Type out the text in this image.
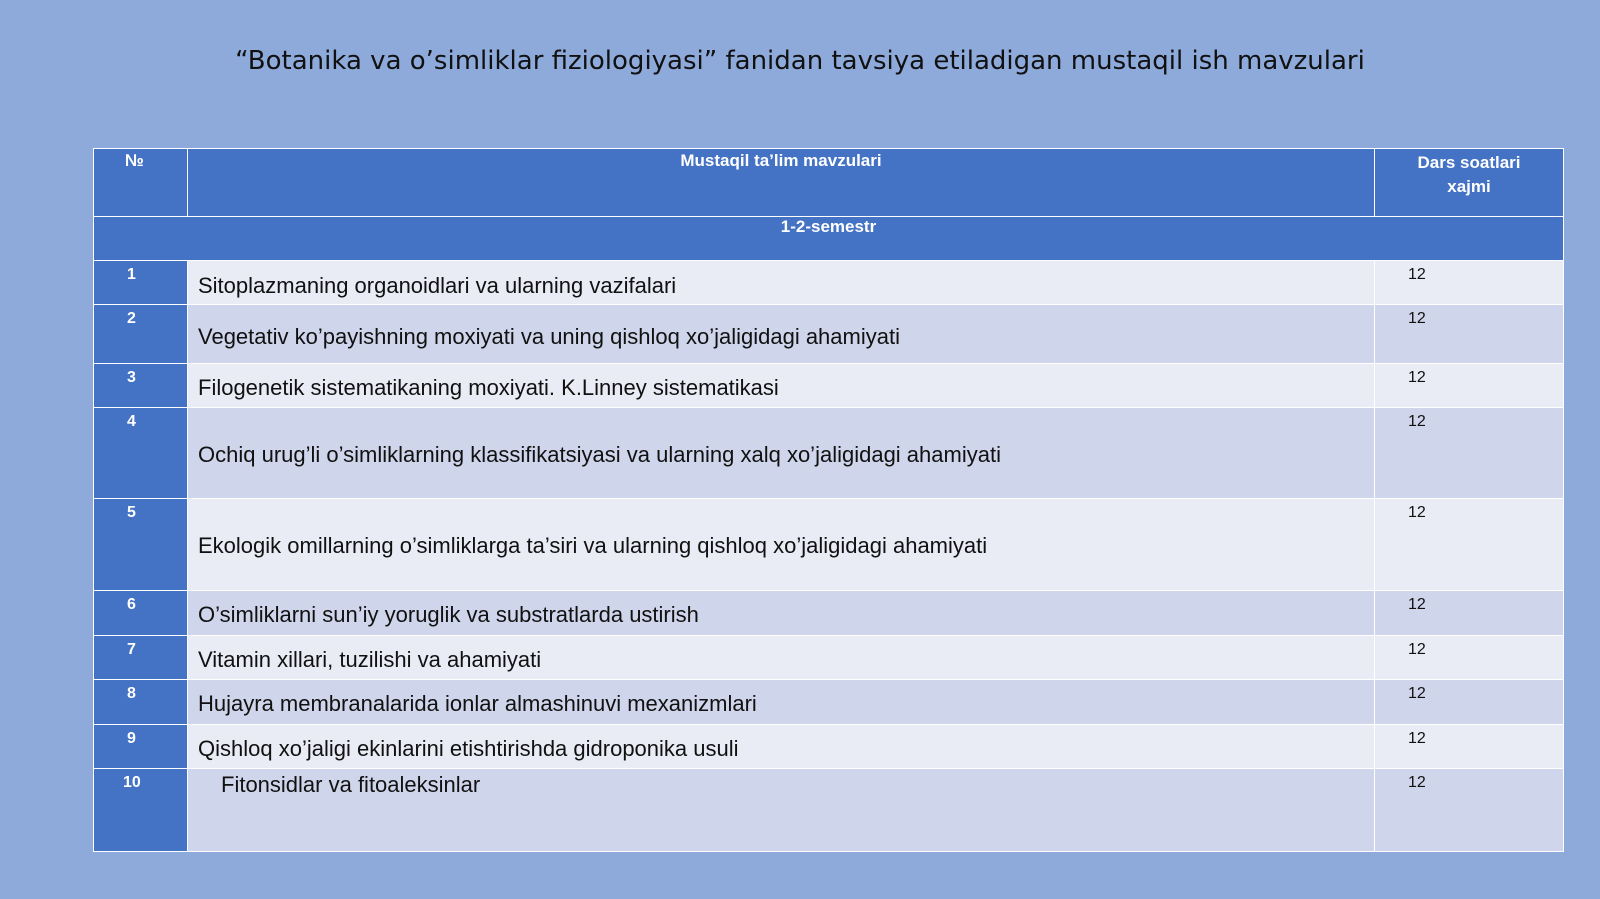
“Botanika va o’simliklar fiziologiyasi” fanidan tavsiya etiladigan mustaqil ish mavzulari
№	Mustaqil ta’lim mavzulari	Dars soatlari
xajmi

1-2-semestr		
1	Sitoplazmaning organoidlari va ularning vazifalari	12
2	Vegetativ ko’payishning moxiyati va uning qishloq xo’jaligidagi ahamiyati	12
3	Filogenetik sistematikaning moxiyati. K.Linney sistematikasi	12
4	Ochiq urug’li o’simliklarning klassifikatsiyasi va ularning xalq xo’jaligidagi ahamiyati	12
5	Ekologik omillarning o’simliklarga ta’siri va ularning qishloq xo’jaligidagi ahamiyati	12
6	O’simliklarni sun’iy yoruglik va substratlarda ustirish	12
7	Vitamin xillari, tuzilishi va ahamiyati	12
8	Hujayra membranalarida ionlar almashinuvi mexanizmlari	12
9	Qishloq xo’jaligi ekinlarini etishtirishda gidroponika usuli	12
10	Fitonsidlar va fitoaleksinlar	12
